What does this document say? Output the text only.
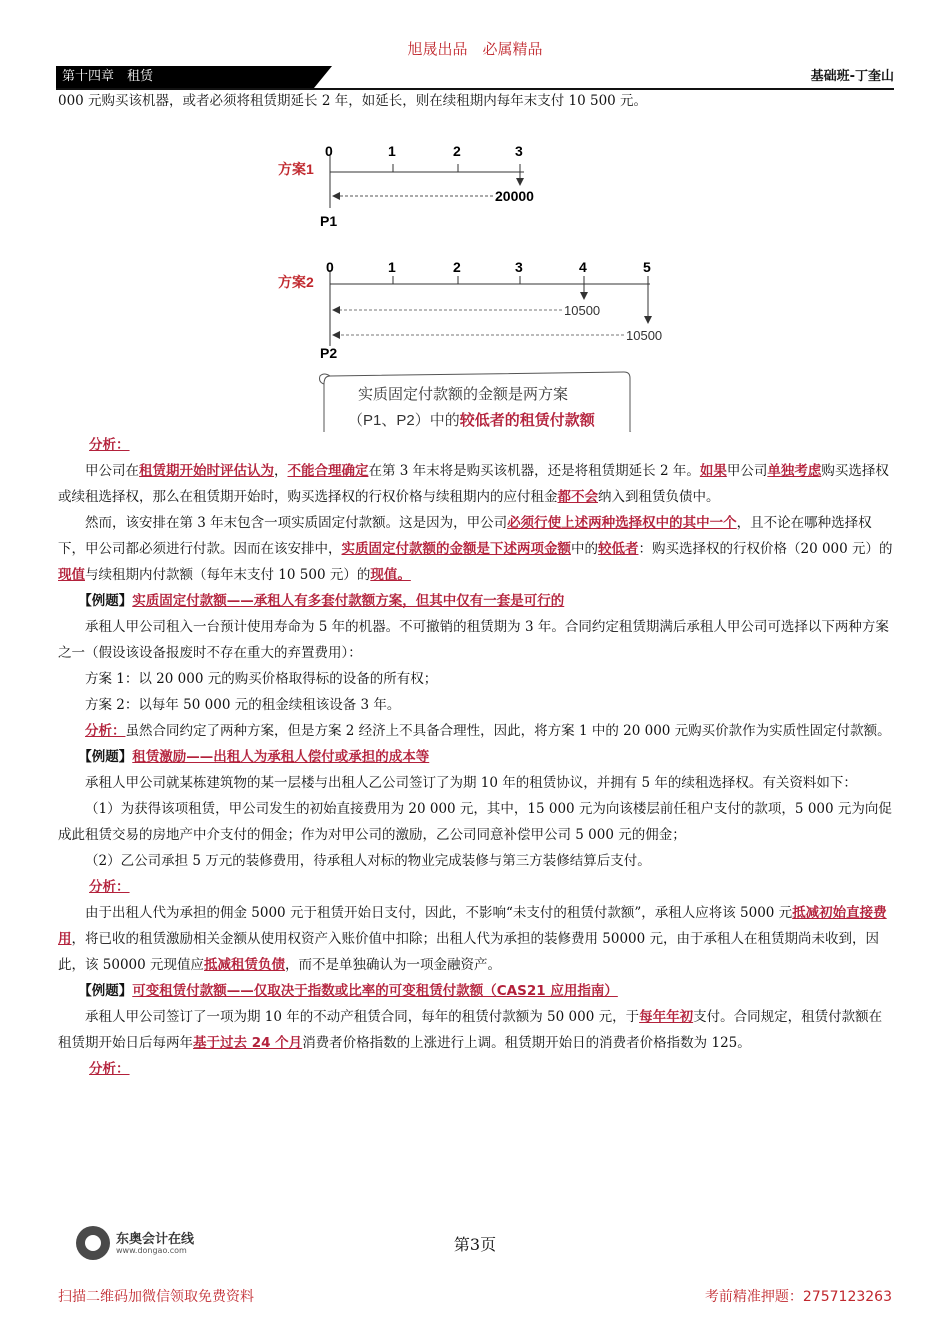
旭晟出品　必属精品
第十四章　租赁	基础班-丁奎山

000 元购买该机器，或者必须将租赁期延长 2 年，如延长，则在续租期内每年末支付 10 500 元。

方案1
0	1	2	3
20000
P1
方案2
0	1	2	3	4	5
10500
10500
P2
实质固定付款额的金额是两方案
（P1、P2）中的较低者的租赁付款额

分析：

甲公司在租赁期开始时评估认为，不能合理确定在第 3 年末将是购买该机器，还是将租赁期延长 2 年。如果甲公司单独考虑购买选择权或续租选择权，那么在租赁期开始时，购买选择权的行权价格与续租期内的应付租金都不会纳入到租赁负债中。

然而，该安排在第 3 年末包含一项实质固定付款额。这是因为，甲公司必须行使上述两种选择权中的其中一个，且不论在哪种选择权下，甲公司都必须进行付款。因而在该安排中，实质固定付款额的金额是下述两项金额中的较低者：购买选择权的行权价格（20 000 元）的现值与续租期内付款额（每年末支付 10 500 元）的现值。

【例题】实质固定付款额——承租人有多套付款额方案，但其中仅有一套是可行的

承租人甲公司租入一台预计使用寿命为 5 年的机器。不可撤销的租赁期为 3 年。合同约定租赁期满后承租人甲公司可选择以下两种方案之一（假设该设备报废时不存在重大的弃置费用）：

方案 1：以 20 000 元的购买价格取得标的设备的所有权；

方案 2：以每年 50 000 元的租金续租该设备 3 年。

分析：虽然合同约定了两种方案，但是方案 2 经济上不具备合理性，因此，将方案 1 中的 20 000 元购买价款作为实质性固定付款额。

【例题】租赁激励——出租人为承租人偿付或承担的成本等

承租人甲公司就某栋建筑物的某一层楼与出租人乙公司签订了为期 10 年的租赁协议，并拥有 5 年的续租选择权。有关资料如下：

（1）为获得该项租赁，甲公司发生的初始直接费用为 20 000 元，其中，15 000 元为向该楼层前任租户支付的款项，5 000 元为向促成此租赁交易的房地产中介支付的佣金；作为对甲公司的激励，乙公司同意补偿甲公司 5 000 元的佣金；

（2）乙公司承担 5 万元的装修费用，待承租人对标的物业完成装修与第三方装修结算后支付。

分析：

由于出租人代为承担的佣金 5000 元于租赁开始日支付，因此，不影响“未支付的租赁付款额”，承租人应将该 5000 元抵减初始直接费用，将已收的租赁激励相关金额从使用权资产入账价值中扣除；出租人代为承担的装修费用 50000 元，由于承租人在租赁期尚未收到，因此，该 50000 元现值应抵减租赁负债，而不是单独确认为一项金融资产。

【例题】可变租赁付款额——仅取决于指数或比率的可变租赁付款额（CAS21 应用指南）

承租人甲公司签订了一项为期 10 年的不动产租赁合同，每年的租赁付款额为 50 000 元，于每年年初支付。合同规定，租赁付款额在租赁期开始日后每两年基于过去 24 个月消费者价格指数的上涨进行上调。租赁期开始日的消费者价格指数为 125。

分析：

东奥会计在线
www.dongao.com	第3页
扫描二维码加微信领取免费资料	考前精准押题：2757123263
